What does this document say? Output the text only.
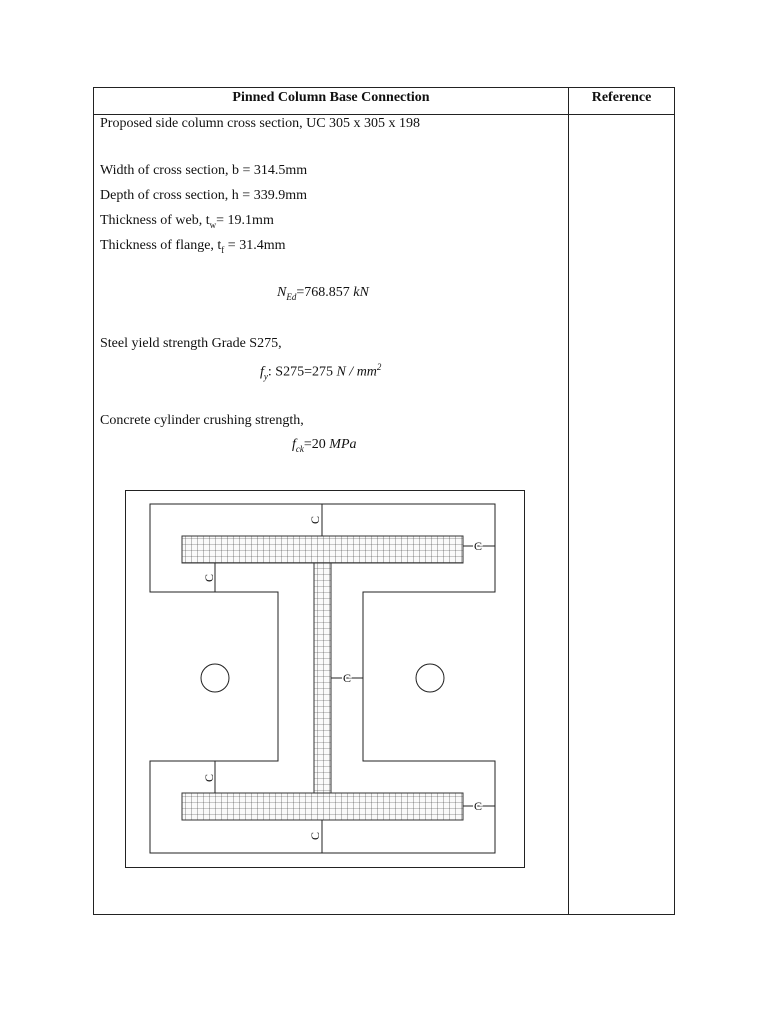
Pinned Column Base Connection	Reference
Proposed side column cross section, UC 305 x 305 x 198
Width of cross section, b = 314.5mm
Depth of cross section, h = 339.9mm
Thickness of web, $t_w= 19.1mm$
Thickness of flange, $t_f = 31.4mm$
$N_{Ed}=768.857$ kN
Steel yield strength Grade S275,
$f_y$: S275=275 N / $mm^2$
Concrete cylinder crushing strength,
$f_{ck}=20$ MPa
C
C
C
C
C
C
C
